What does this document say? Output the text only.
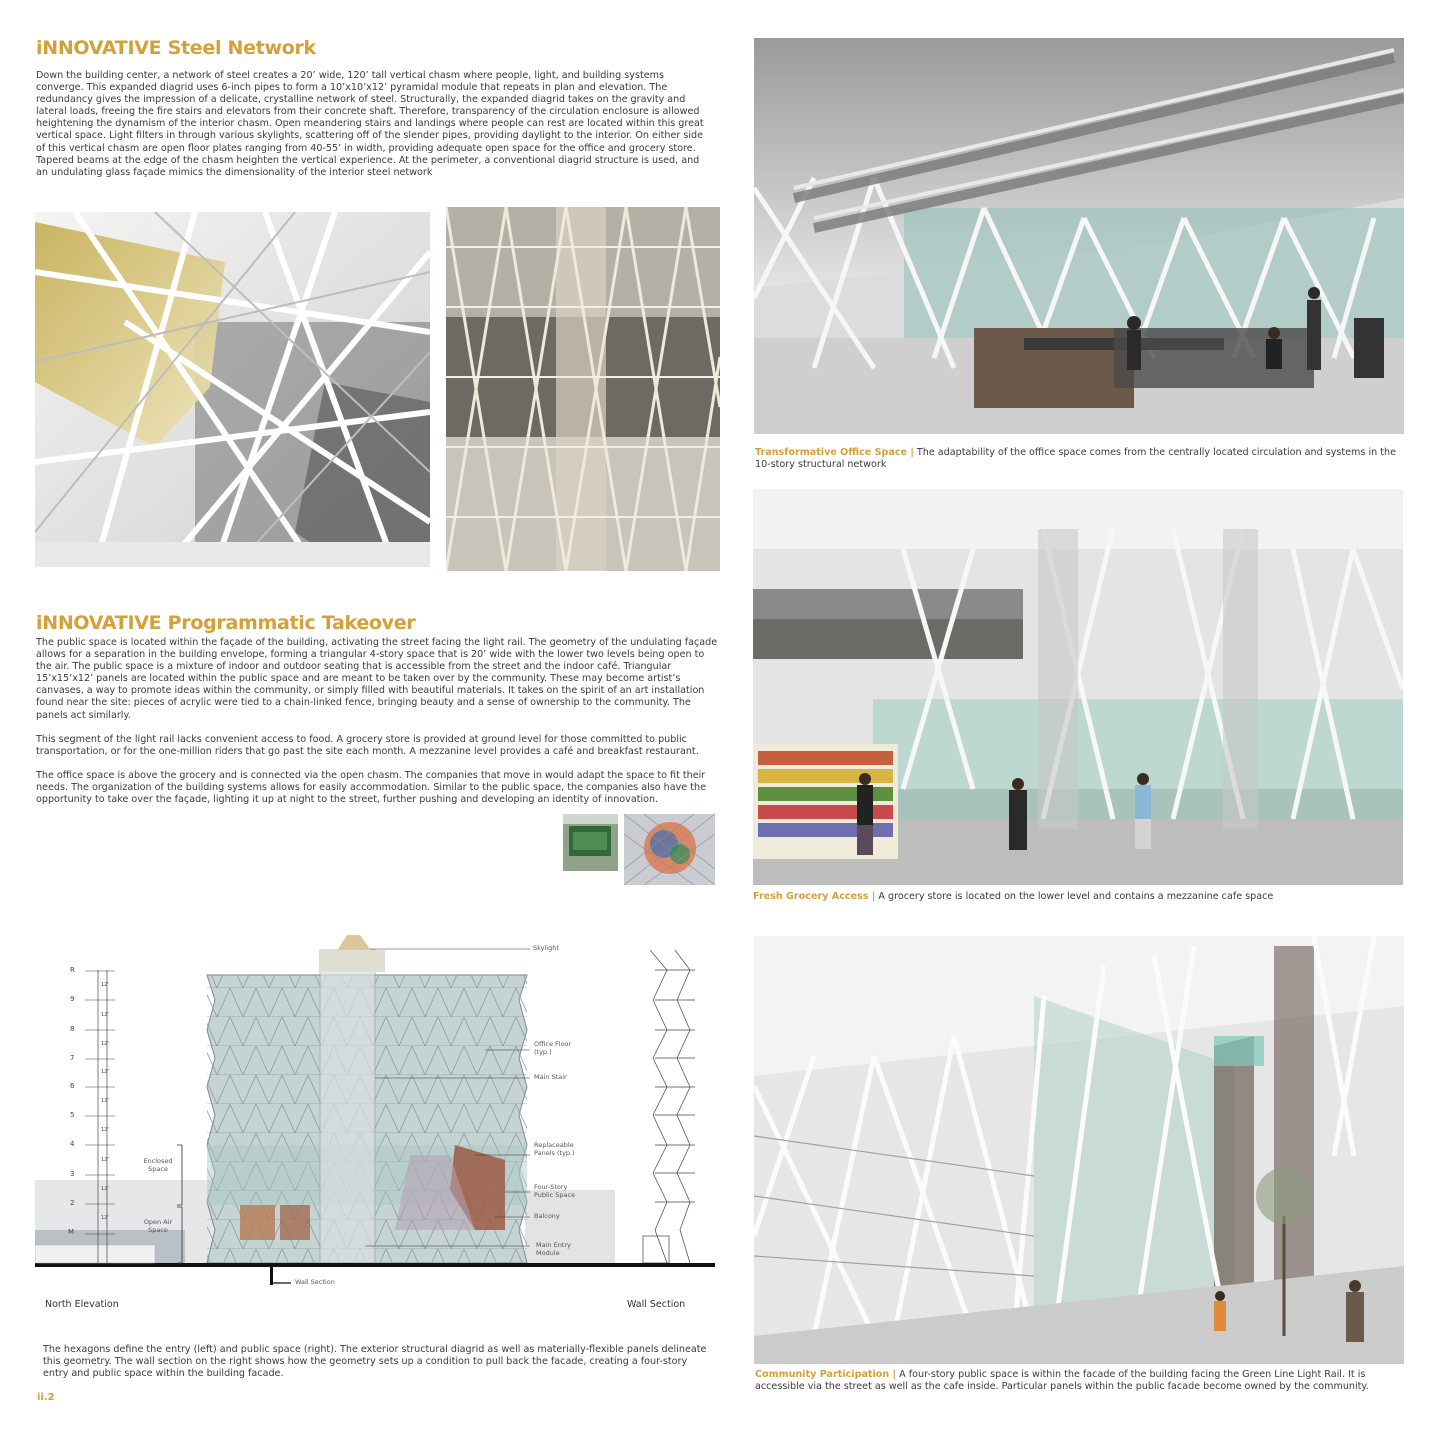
iNNOVATIVE Steel Network
Down the building center, a network of steel creates a 20’ wide, 120’ tall vertical chasm where people, light, and building systems converge. This expanded diagrid uses 6-inch pipes to form a 10’x10’x12’ pyramidal module that repeats in plan and elevation. The redundancy gives the impression of a delicate, crystalline network of steel. Structurally, the expanded diagrid takes on the gravity and lateral loads, freeing the fire stairs and elevators from their concrete shaft. Therefore, transparency of the circulation enclosure is allowed heightening the dynamism of the interior chasm. Open meandering stairs and landings where people can rest are located within this great vertical space. Light filters in through various skylights, scattering off of the slender pipes, providing daylight to the interior. On either side of this vertical chasm are open floor plates ranging from 40-55’ in width, providing adequate open space for the office and grocery store. Tapered beams at the edge of the chasm heighten the vertical experience. At the perimeter, a conventional diagrid structure is used, and an undulating glass façade mimics the dimensionality of the interior steel network
iNNOVATIVE Programmatic Takeover

The public space is located within the façade of the building, activating the street facing the light rail. The geometry of the undulating façade allows for a separation in the building envelope, forming a triangular 4-story space that is 20’ wide with the lower two levels being open to the air. The public space is a mixture of indoor and outdoor seating that is accessible from the street and the indoor café. Triangular 15’x15’x12’ panels are located within the public space and are meant to be taken over by the community. These may become artist’s canvases, a way to promote ideas within the community, or simply filled with beautiful materials. It takes on the spirit of an art installation found near the site: pieces of acrylic were tied to a chain-linked fence, bringing beauty and a sense of ownership to the community. The panels act similarly.

This segment of the light rail lacks convenient access to food. A grocery store is provided at ground level for those committed to public transportation, or for the one-million riders that go past the site each month. A mezzanine level provides a café and breakfast restaurant.

The office space is above the grocery and is connected via the open chasm. The companies that move in would adapt the space to fit their needs. The organization of the building systems allows for easily accommodation. Similar to the public space, the companies also have the opportunity to take over the façade, lighting it up at night to the street, further pushing and developing an identity of innovation.

R
9
8
7
6
5
4
3
2
M
12'
12'
12'
12'
12'
12'
12'
12'
12'
Skylight
Office Floor (typ.)
Main Stair
Replaceable Panels (typ.)
Four-Story Public Space
Balcony
Main Entry Module
Enclosed Space
Open Air Space
Wall Section
North Elevation	Wall Section
The hexagons define the entry (left) and public space (right). The exterior structural diagrid as well as materially-flexible panels delineate this geometry. The wall section on the right shows how the geometry sets up a condition to pull back the facade, creating a four-story entry and public space within the building facade.
ii.2
Transformative Office Space | The adaptability of the office space comes from the centrally located circulation and systems in the 10-story structural network
Fresh Grocery Access | A grocery store is located on the lower level and contains a mezzanine cafe space
Community Participation | A four-story public space is within the facade of the building facing the Green Line Light Rail. It is accessible via the street as well as the cafe inside. Particular panels within the public facade become owned by the community.
